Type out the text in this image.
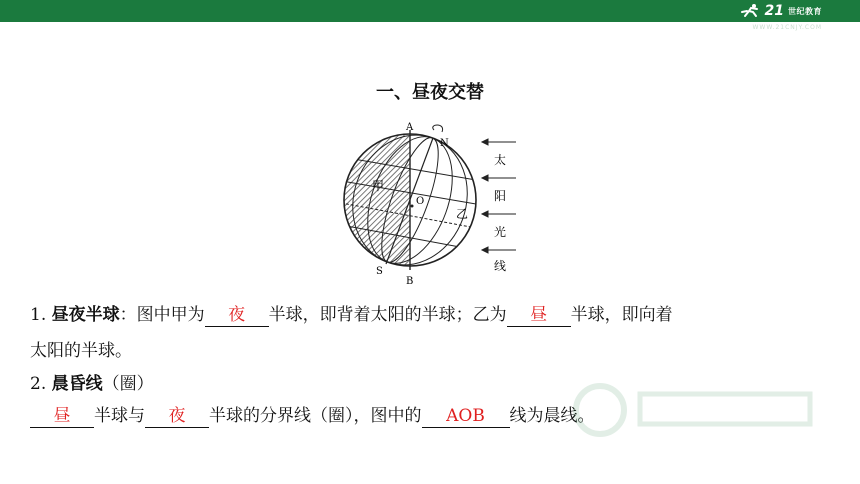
21 世纪教育
WWW.21CNJY.COM
一、昼夜交替
A
N
S
B
O
甲
乙
太
阳
光
线
1. 昼夜半球：图中甲为 夜 半球，即背着太阳的半球；乙为 昼 半球，即向着
太阳的半球。
2. 晨昏线（圈）
昼 半球与 夜 半球的分界线（圈），图中的 AOB 线为晨线。
